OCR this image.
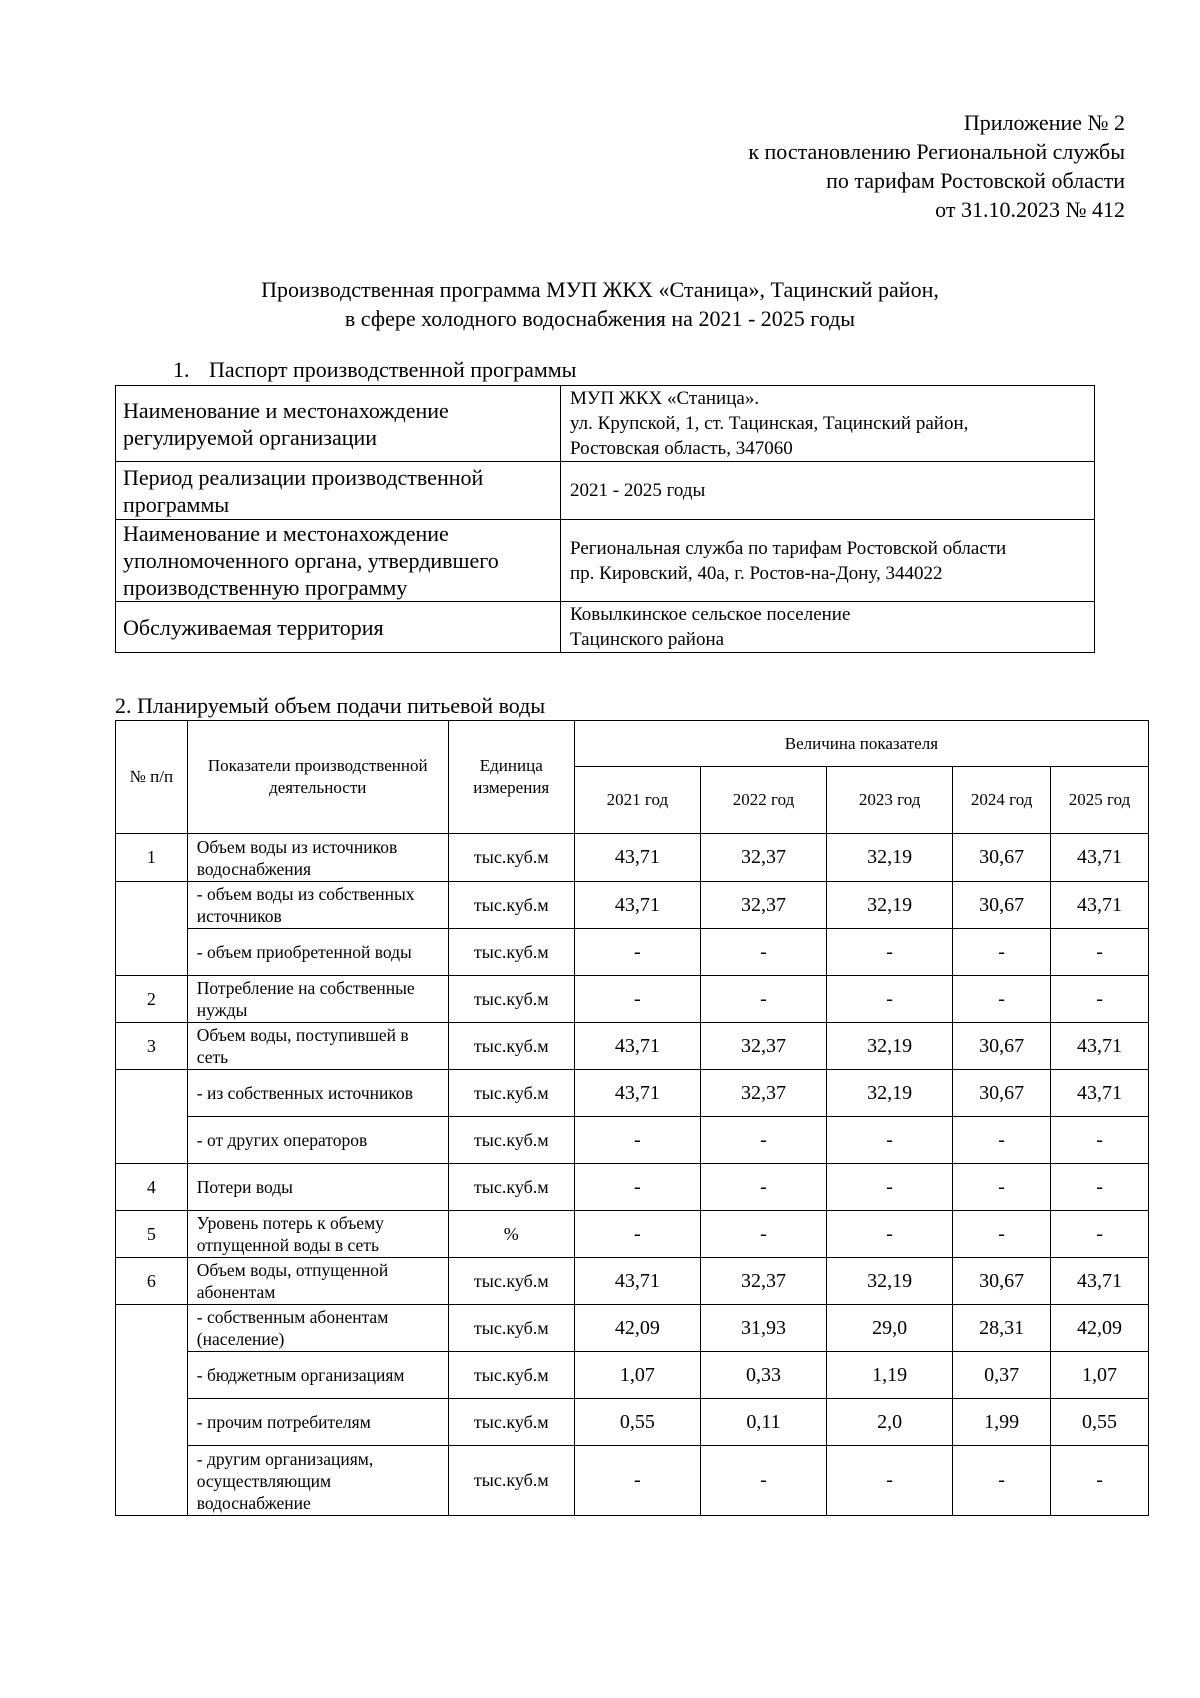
Приложение № 2
к постановлению Региональной службы
по тарифам Ростовской области
от 31.10.2023 № 412
Производственная программа МУП ЖКХ «Станица», Тацинский район,
в сфере холодного водоснабжения на 2021 - 2025 годы
1. Паспорт производственной программы
Наименование и местонахождение регулируемой организации	МУП ЖКХ «Станица».
ул. Крупской, 1, ст. Тацинская, Тацинский район,
Ростовская область, 347060

Период реализации производственной программы	2021 - 2025 годы

Наименование и местонахождение уполномоченного органа, утвердившего производственную программу	Региональная служба по тарифам Ростовской области
пр. Кировский, 40а, г. Ростов-на-Дону, 344022

Обслуживаемая территория	Ковылкинское сельское поселение
Тацинского района
2. Планируемый объем подачи питьевой воды
№ п/п	Показатели производственной деятельности	Единица измерения	Величина показателя				
			2021 год	2022 год	2023 год	2024 год	2025 год
1	Объем воды из источников водоснабжения	тыс.куб.м	43,71	32,37	32,19	30,67	43,71
	- объем воды из собственных источников	тыс.куб.м	43,71	32,37	32,19	30,67	43,71
	- объем приобретенной воды	тыс.куб.м	-	-	-	-	-
2	Потребление на собственные нужды	тыс.куб.м	-	-	-	-	-
3	Объем воды, поступившей в сеть	тыс.куб.м	43,71	32,37	32,19	30,67	43,71
	- из собственных источников	тыс.куб.м	43,71	32,37	32,19	30,67	43,71
	- от других операторов	тыс.куб.м	-	-	-	-	-
4	Потери воды	тыс.куб.м	-	-	-	-	-
5	Уровень потерь к объему отпущенной воды в сеть	%	-	-	-	-	-
6	Объем воды, отпущенной абонентам	тыс.куб.м	43,71	32,37	32,19	30,67	43,71
	- собственным абонентам (население)	тыс.куб.м	42,09	31,93	29,0	28,31	42,09
	- бюджетным организациям	тыс.куб.м	1,07	0,33	1,19	0,37	1,07
	- прочим потребителям	тыс.куб.м	0,55	0,11	2,0	1,99	0,55
	- другим организациям, осуществляющим водоснабжение	тыс.куб.м	-	-	-	-	-
